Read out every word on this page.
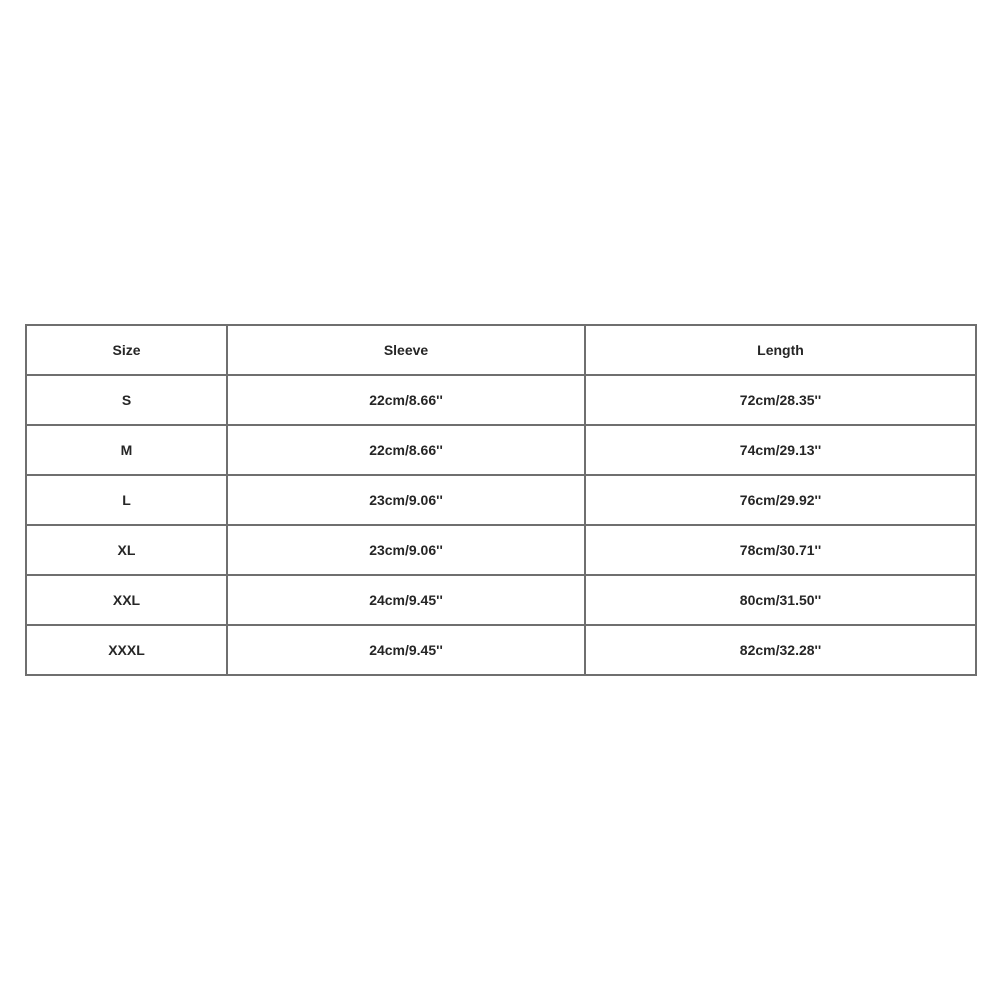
Size	Sleeve	Length
S	22cm/8.66''	72cm/28.35''
M	22cm/8.66''	74cm/29.13''
L	23cm/9.06''	76cm/29.92''
XL	23cm/9.06''	78cm/30.71''
XXL	24cm/9.45''	80cm/31.50''
XXXL	24cm/9.45''	82cm/32.28''
